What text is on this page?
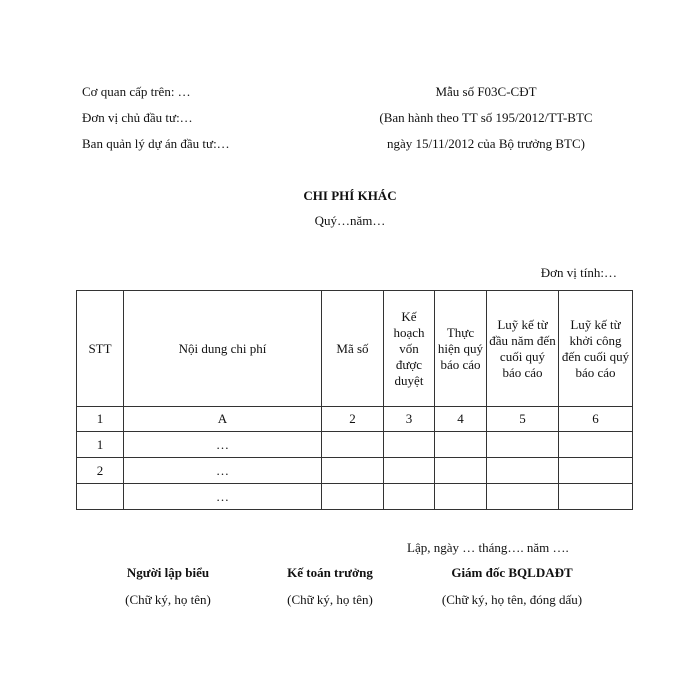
Cơ quan cấp trên: …
Đơn vị chủ đầu tư:…
Ban quản lý dự án đầu tư:…
Mẫu số F03C-CĐT
(Ban hành theo TT số 195/2012/TT-BTC
ngày 15/11/2012 của Bộ trưởng BTC)
CHI PHÍ KHÁC
Quý…năm…
Đơn vị tính:…
STT	Nội dung chi phí	Mã số	Kế hoạch vốn được duyệt	Thực hiện quý báo cáo	Luỹ kế từ đầu năm đến cuối quý báo cáo	Luỹ kế từ khởi công đến cuối quý báo cáo
1	A	2	3	4	5	6
1	…					
2	…					
	…					
Lập, ngày … tháng…. năm ….
Người lập biểu
(Chữ ký, họ tên)
Kế toán trưởng
(Chữ ký, họ tên)
Giám đốc BQLDAĐT
(Chữ ký, họ tên, đóng dấu)
